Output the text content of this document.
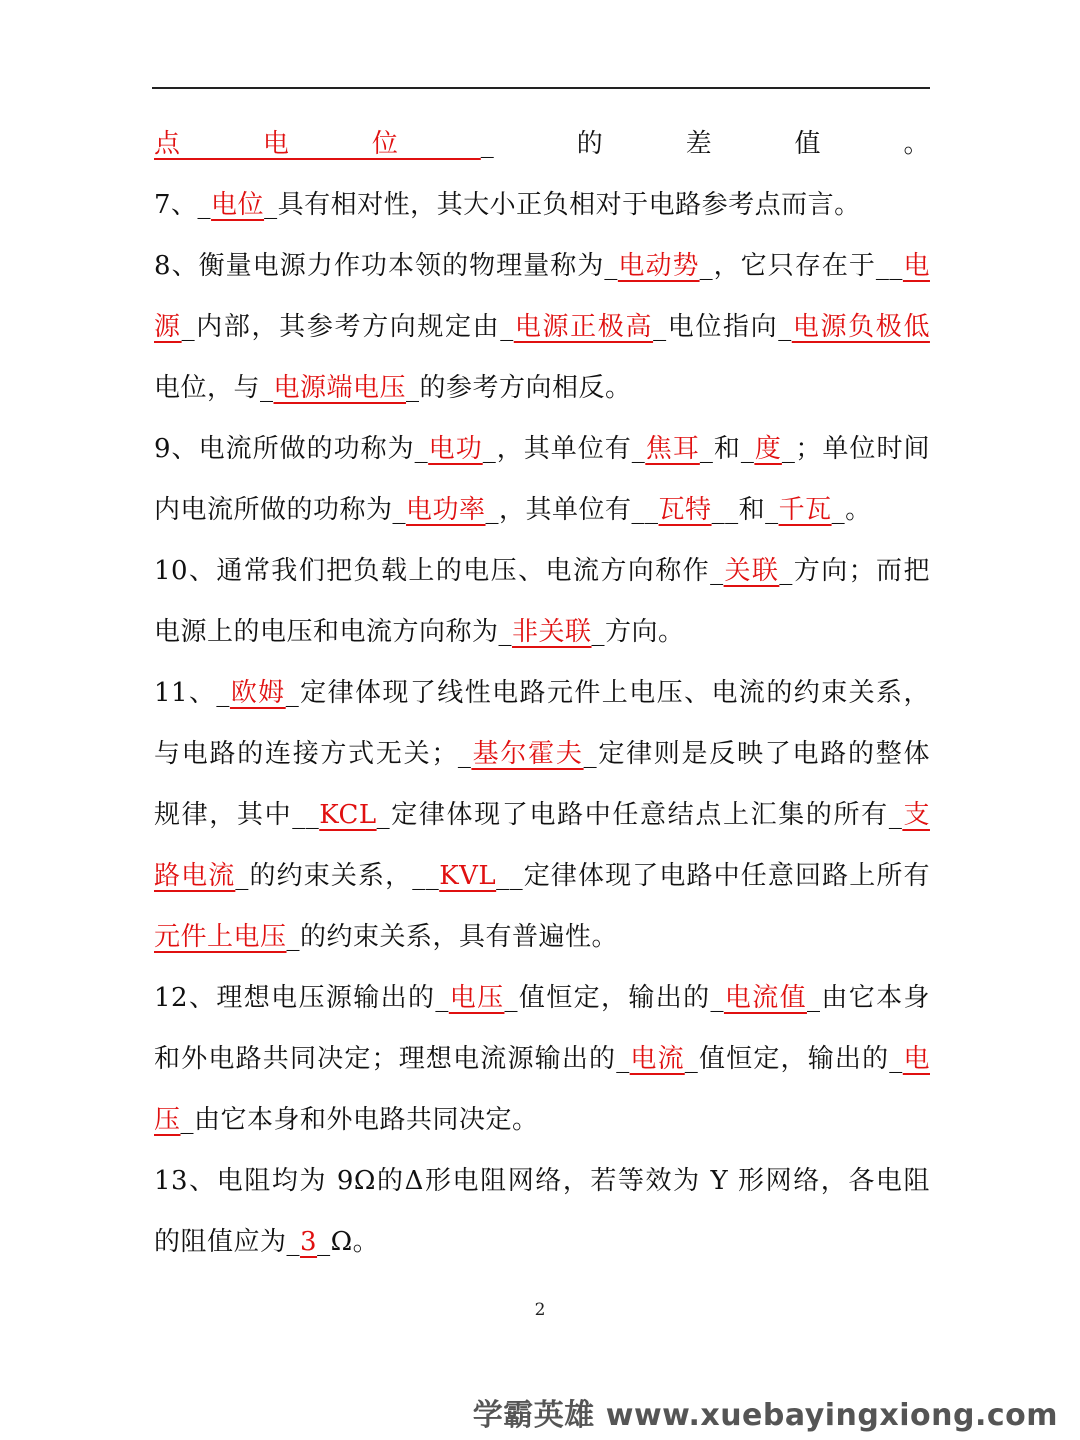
点电位_的差值。
7、_电位_具有相对性，其大小正负相对于电路参考点而言。
8、衡量电源力作功本领的物理量称为_电动势_，它只存在于__电
源_内部，其参考方向规定由_电源正极高_电位指向_电源负极低
电位，与_电源端电压_的参考方向相反。
9、电流所做的功称为_电功_，其单位有_焦耳_和_度_；单位时间
内电流所做的功称为_电功率_，其单位有__瓦特__和_千瓦_。
10、通常我们把负载上的电压、电流方向称作_关联_方向；而把
电源上的电压和电流方向称为_非关联_方向。
11、_欧姆_定律体现了线性电路元件上电压、电流的约束关系，
与电路的连接方式无关；_基尔霍夫_定律则是反映了电路的整体
规律，其中__KCL_定律体现了电路中任意结点上汇集的所有_支
路电流_的约束关系，__KVL__定律体现了电路中任意回路上所有
元件上电压_的约束关系，具有普遍性。
12、理想电压源输出的_电压_值恒定，输出的_电流值_由它本身
和外电路共同决定；理想电流源输出的_电流_值恒定，输出的_电
压_由它本身和外电路共同决定。
13、电阻均为 9Ω的Δ形电阻网络，若等效为 Y 形网络，各电阻
的阻值应为_3_Ω。
2
学霸英雄 www.xuebayingxiong.com
